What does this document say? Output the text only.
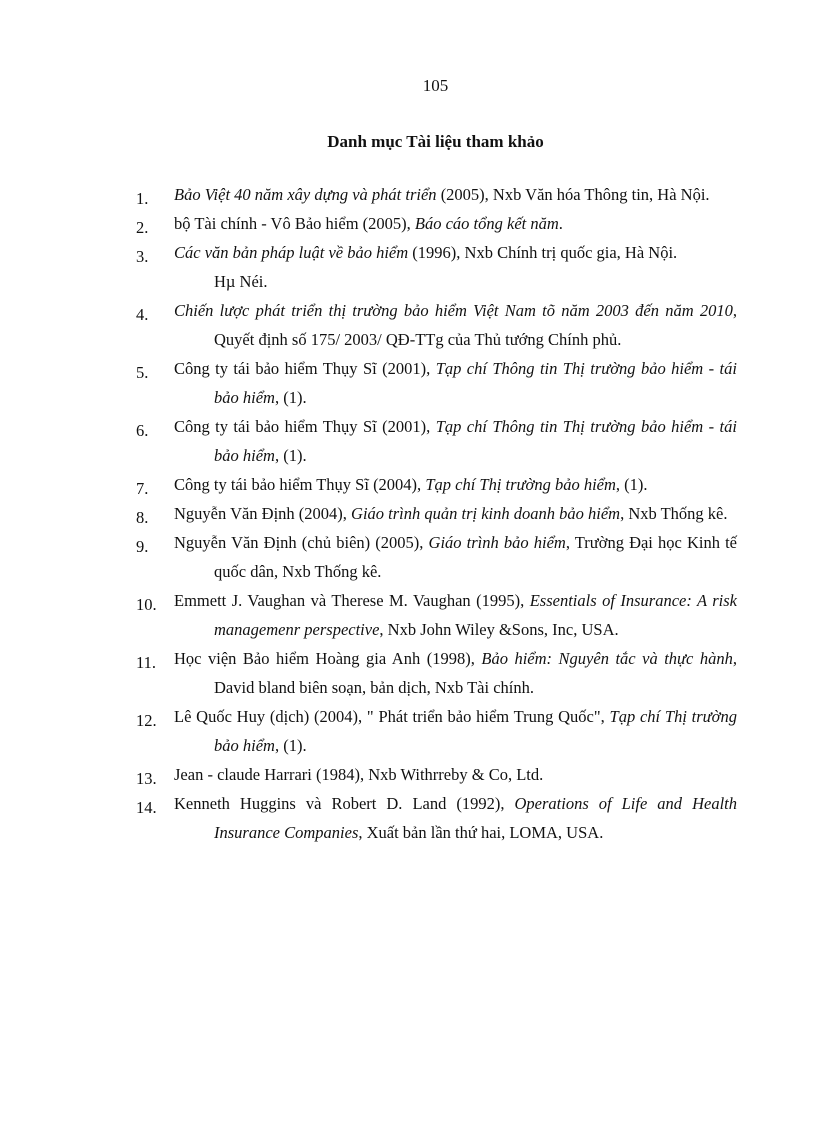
105
Danh mục Tài liệu tham khảo
1. Bảo Việt 40 năm xây dựng và phát triển (2005), Nxb Văn hóa Thông tin, Hà Nội.
2. bộ Tài chính - Vô Bảo hiểm (2005), Báo cáo tổng kết năm.
3. Các văn bản pháp luật về bảo hiểm (1996), Nxb Chính trị quốc gia, Hà Nội.
Hµ Néi.
4. Chiến lược phát triển thị trường bảo hiểm Việt Nam tõ năm 2003 đến năm 2010, Quyết định số 175/ 2003/ QĐ-TTg của Thủ tướng Chính phủ.
5. Công ty tái bảo hiểm Thụy Sĩ (2001), Tạp chí Thông tin Thị trường bảo hiểm - tái bảo hiểm, (1).
6. Công ty tái bảo hiểm Thụy Sĩ (2001), Tạp chí Thông tin Thị trường bảo hiểm - tái bảo hiểm, (1).
7. Công ty tái bảo hiểm Thụy Sĩ (2004), Tạp chí Thị trường bảo hiểm, (1).
8. Nguyễn Văn Định (2004), Giáo trình quản trị kinh doanh bảo hiểm, Nxb Thống kê.
9. Nguyễn Văn Định (chủ biên) (2005), Giáo trình bảo hiểm, Trường Đại học Kinh tế quốc dân, Nxb Thống kê.
10. Emmett J. Vaughan và Therese M. Vaughan (1995), Essentials of Insurance: A risk managemenr perspective, Nxb John Wiley &Sons, Inc, USA.
11. Học viện Bảo hiểm Hoàng gia Anh (1998), Bảo hiểm: Nguyên tắc và thực hành, David bland biên soạn, bản dịch, Nxb Tài chính.
12. Lê Quốc Huy (dịch) (2004), " Phát triển bảo hiểm Trung Quốc", Tạp chí Thị trường bảo hiểm, (1).
13. Jean - claude Harrari (1984), Nxb Withrreby & Co, Ltd.
14. Kenneth Huggins và Robert D. Land (1992), Operations of Life and Health Insurance Companies, Xuất bản lần thứ hai, LOMA, USA.
